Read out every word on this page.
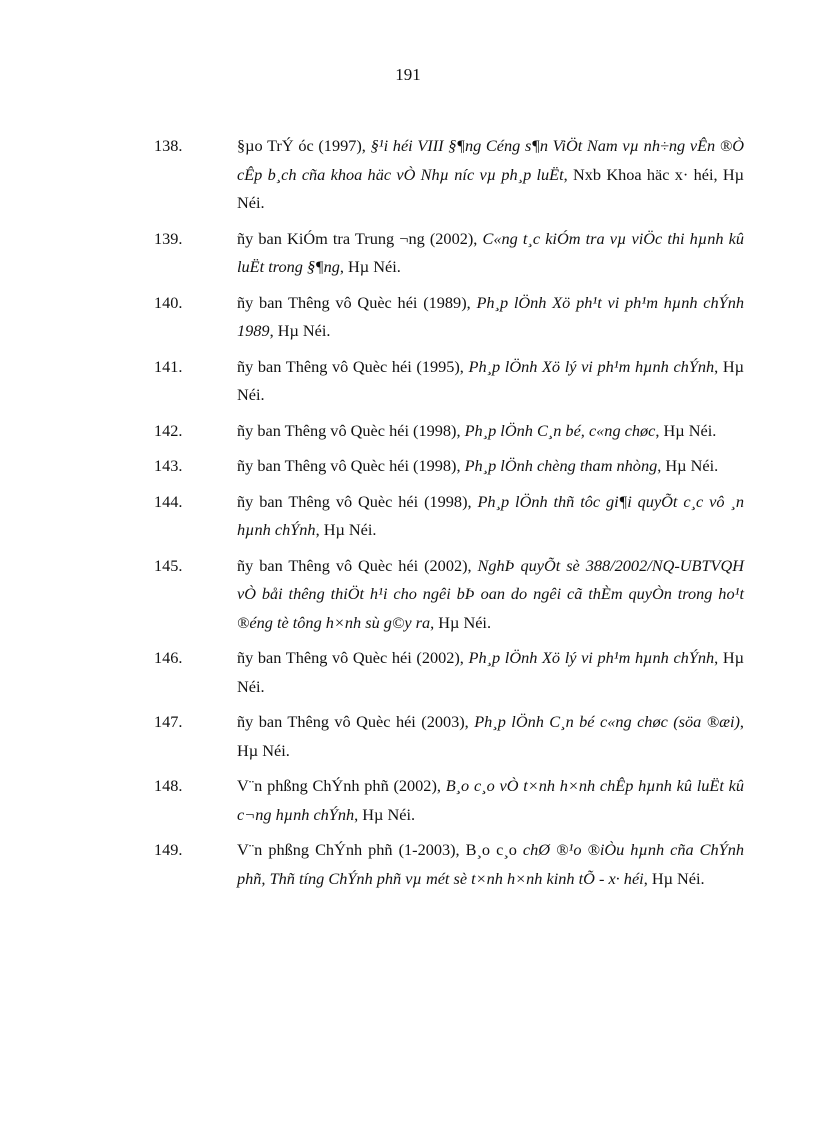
191
138.	§µo TrÝ óc (1997), §¹i héi VIII §¶ng Céng s¶n ViÖt Nam vµ nh÷ng vÊn ®Ò cÊp b¸ch cña khoa häc vÒ Nhµ níc vµ ph¸p luËt, Nxb Khoa häc x· héi, Hµ Néi.
139.	ñy ban KiÓm tra Trung ¬ng (2002), C«ng t¸c kiÓm tra vµ viÖc thi hµnh kû luËt trong §¶ng, Hµ Néi.
140.	ñy ban Thêng vô Quèc héi (1989), Ph¸p lÖnh Xö ph¹t vi ph¹m hµnh chÝnh 1989, Hµ Néi.
141.	ñy ban Thêng vô Quèc héi (1995), Ph¸p lÖnh Xö lý vi ph¹m hµnh chÝnh, Hµ Néi.
142.	ñy ban Thêng vô Quèc héi (1998), Ph¸p lÖnh C¸n bé, c«ng chøc, Hµ Néi.
143.	ñy ban Thêng vô Quèc héi (1998), Ph¸p lÖnh chèng tham nhòng, Hµ Néi.
144.	ñy ban Thêng vô Quèc héi (1998), Ph¸p lÖnh thñ tôc gi¶i quyÕt c¸c vô ¸n hµnh chÝnh, Hµ Néi.
145.	ñy ban Thêng vô Quèc héi (2002), NghÞ quyÕt sè 388/2002/NQ-UBTVQH vÒ båi thêng thiÖt h¹i cho ngêi bÞ oan do ngêi cã thÈm quyÒn trong ho¹t ®éng tè tông h×nh sù g©y ra, Hµ Néi.
146.	ñy ban Thêng vô Quèc héi (2002), Ph¸p lÖnh Xö lý vi ph¹m hµnh chÝnh, Hµ Néi.
147.	ñy ban Thêng vô Quèc héi (2003), Ph¸p lÖnh C¸n bé c«ng chøc (söa ®æi), Hµ Néi.
148.	V¨n phßng ChÝnh phñ (2002), B¸o c¸o vÒ t×nh h×nh chÊp hµnh kû luËt kû c¬ng hµnh chÝnh, Hµ Néi.
149.	V¨n phßng ChÝnh phñ (1-2003), B¸o c¸o chØ ®¹o ®iÒu hµnh cña ChÝnh phñ, Thñ tíng ChÝnh phñ vµ mét sè t×nh h×nh kinh tÕ - x· héi, Hµ Néi.
